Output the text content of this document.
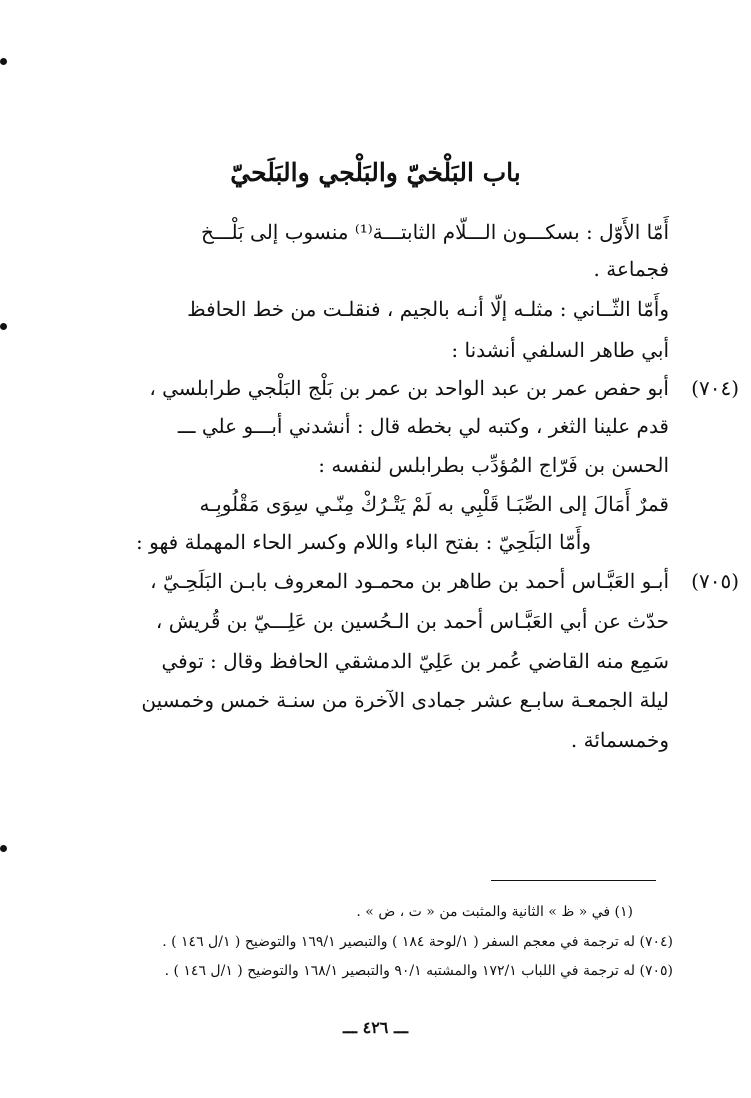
باب البَلْخيّ والبَلْجي والبَلَحيّ
أَمّا الأَوّل : بسكـــون الـــلّام الثابتـــة⁽¹⁾ منسوب إلى بَلْـــخ
فجماعة .
وأَمّا الثّــاني : مثلـه إلّا أنـه بالجيم ، فنقلـت من خط الحافظ
أبي طاهر السلفي أنشدنا :
(٧٠٤)
أبو حفص عمر بن عبد الواحد بن عمر بن بَلْج البَلْجي طرابلسي ،
قدم علينا الثغر ، وكتبه لي بخطه قال : أنشدني أبـــو علي ـــ
الحسن بن فَرّاج المُؤدِّب بطرابلس لنفسه :
قمرٌ أَمَالَ إلى الصِّبَـا قَلْبِي به لَمْ يَتْـرُكْ مِنّـي سِوَى مَقْلُوبِـه
وأَمّا البَلَحِيّ : بفتح الباء واللام وكسر الحاء المهملة فهو :
(٧٠٥)
أبـو العَبَّـاس أحمد بن طاهر بن محمـود المعروف بابـن البَلَحِـيّ ،
حدّث عن أبي العَبَّـاس أحمد بن الـحُسين بن عَلِـــيّ بن قُريش ،
سَمِع منه القاضي عُمر بن عَلِيّ الدمشقي الحافظ وقال : توفي
ليلة الجمعـة سابـع عشر جمادى الآخرة من سنـة خمس وخمسين
وخمسمائة .
(١) في « ظ » الثانية والمثبت من « ت ، ض » .
(٧٠٤) له ترجمة في معجم السفر ( ١/لوحة ١٨٤ ) والتبصير ١٦٩/١ والتوضيح ( ١/ل ١٤٦ ) .
(٧٠٥) له ترجمة في اللباب ١٧٢/١ والمشتبه ٩٠/١ والتبصير ١٦٨/١ والتوضيح ( ١/ل ١٤٦ ) .
ـــ ٤٢٦ ـــ
